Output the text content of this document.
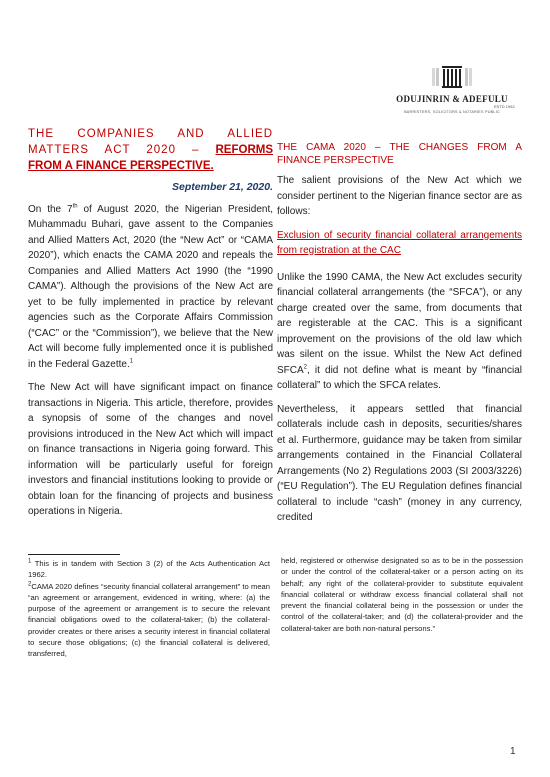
ODUJINRIN & ADEFULU
ESTD 1962
BARRISTERS, SOLICITORS & NOTARIES PUBLIC
THE COMPANIES AND ALLIED
MATTERS ACT 2020 – REFORMS
FROM A FINANCE PERSPECTIVE.
September 21, 2020.

On the 7th of August 2020, the Nigerian President, Muhammadu Buhari, gave assent to the Companies and Allied Matters Act, 2020 (the “New Act” or “CAMA 2020”), which enacts the CAMA 2020 and repeals the Companies and Allied Matters Act 1990 (the “1990 CAMA”). Although the provisions of the New Act are yet to be fully implemented in practice by relevant agencies such as the Corporate Affairs Commission (“CAC” or the “Commission”), we believe that the New Act will become fully implemented once it is published in the Federal Gazette.$^1$

The New Act will have significant impact on finance transactions in Nigeria. This article, therefore, provides a synopsis of some of the changes and novel provisions introduced in the New Act which will impact on finance transactions in Nigeria going forward. This information will be particularly useful for foreign investors and financial institutions looking to provide or obtain loan for the financing of projects and business operations in Nigeria.

THE CAMA 2020 – THE CHANGES FROM A FINANCE PERSPECTIVE

The salient provisions of the New Act which we consider pertinent to the Nigerian finance sector are as follows:

Exclusion of security financial collateral arrangements from registration at the CAC

Unlike the 1990 CAMA, the New Act excludes security financial collateral arrangements (the “SFCA”), or any charge created over the same, from documents that are registerable at the CAC. This is a significant improvement on the provisions of the old law which was silent on the issue. Whilst the New Act defined SFCA$^2$, it did not define what is meant by “financial collateral” to which the SFCA relates.

Nevertheless, it appears settled that financial collaterals include cash in deposits, securities/shares et al. Furthermore, guidance may be taken from similar arrangements contained in the Financial Collateral Arrangements (No 2) Regulations 2003 (SI 2003/3226) (“EU Regulation”). The EU Regulation defines financial collateral to include “cash” (money in any currency, credited

$^1$ This is in tandem with Section 3 (2) of the Acts Authentication Act 1962.
$^2$CAMA 2020 defines “security financial collateral arrangement” to mean “an agreement or arrangement, evidenced in writing, where: (a) the purpose of the agreement or arrangement is to secure the relevant financial obligations owed to the collateral-taker; (b) the collateral-provider creates or there arises a security interest in financial collateral to secure those obligations; (c) the financial collateral is delivered, transferred,
held, registered or otherwise designated so as to be in the possession or under the control of the collateral-taker or a person acting on its behalf; any right of the collateral-provider to substitute equivalent financial collateral or withdraw excess financial collateral shall not prevent the financial collateral being in the possession or under the control of the collateral-taker; and (d) the collateral-provider and the collateral-taker are both non-natural persons.”
1
